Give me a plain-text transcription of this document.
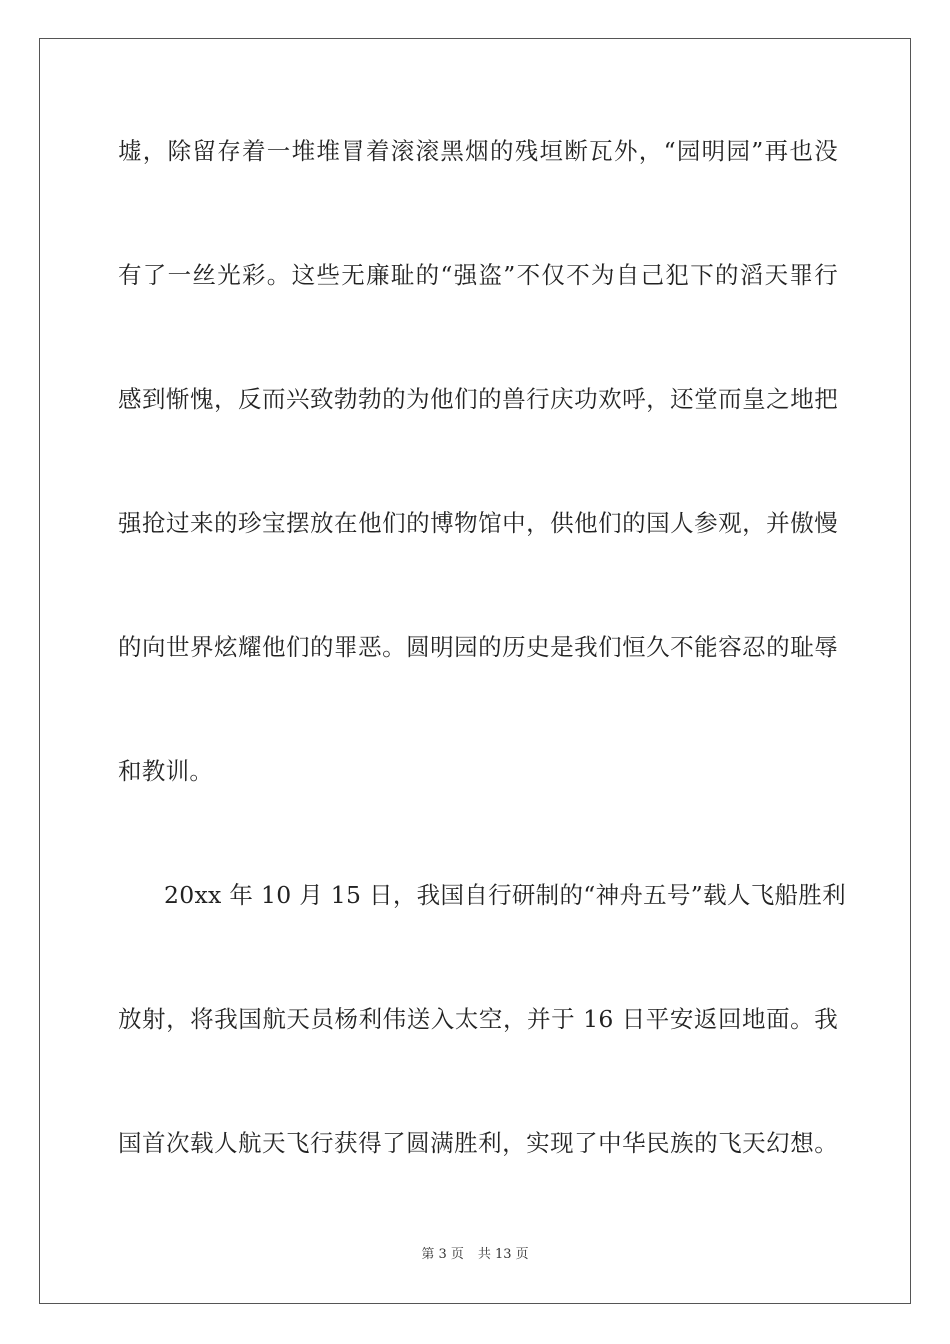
墟，除留存着一堆堆冒着滚滚黑烟的残垣断瓦外，“园明园”再也没
有了一丝光彩。这些无廉耻的“强盗”不仅不为自己犯下的滔天罪行
感到惭愧，反而兴致勃勃的为他们的兽行庆功欢呼，还堂而皇之地把
强抢过来的珍宝摆放在他们的博物馆中，供他们的国人参观，并傲慢
的向世界炫耀他们的罪恶。圆明园的历史是我们恒久不能容忍的耻辱
和教训。
20xx 年 10 月 15 日，我国自行研制的“神舟五号”载人飞船胜利
放射，将我国航天员杨利伟送入太空，并于 16 日平安返回地面。我
国首次载人航天飞行获得了圆满胜利，实现了中华民族的飞天幻想。
第 3 页 共 13 页
